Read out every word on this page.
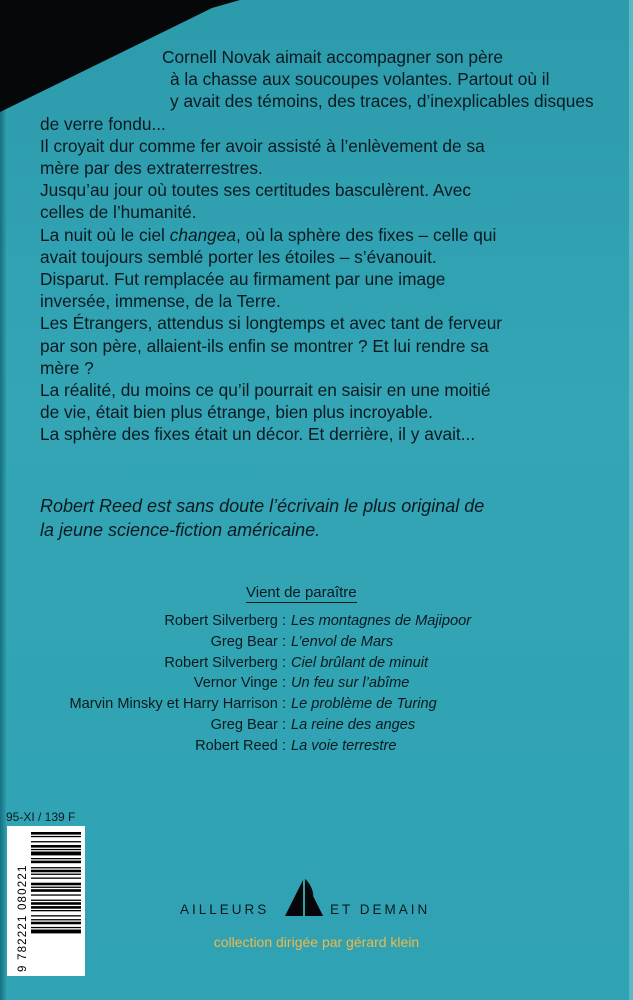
Cornell Novak aimait accompagner son père

à la chasse aux soucoupes volantes. Partout où il

y avait des témoins, des traces, d’inexplicables disques

de verre fondu...

Il croyait dur comme fer avoir assisté à l’enlèvement de sa

mère par des extraterrestres.

Jusqu’au jour où toutes ses certitudes basculèrent. Avec

celles de l’humanité.

La nuit où le ciel changea, où la sphère des fixes – celle qui

avait toujours semblé porter les étoiles – s’évanouit.

Disparut. Fut remplacée au firmament par une image

inversée, immense, de la Terre.

Les Étrangers, attendus si longtemps et avec tant de ferveur

par son père, allaient-ils enfin se montrer ? Et lui rendre sa

mère ?

La réalité, du moins ce qu’il pourrait en saisir en une moitié

de vie, était bien plus étrange, bien plus incroyable.

La sphère des fixes était un décor. Et derrière, il y avait...

Robert Reed est sans doute l’écrivain le plus original de
la jeune science-fiction américaine.
Vient de paraître
Robert Silverberg : Les montagnes de Majipoor
Greg Bear : L’envol de Mars
Robert Silverberg : Ciel brûlant de minuit
Vernor Vinge : Un feu sur l’abîme
Marvin Minsky et Harry Harrison : Le problème de Turing
Greg Bear : La reine des anges
Robert Reed : La voie terrestre
95-XI / 139 F
9 782221 080221	AILLEURS	ET DEMAIN
collection dirigée par gérard klein
